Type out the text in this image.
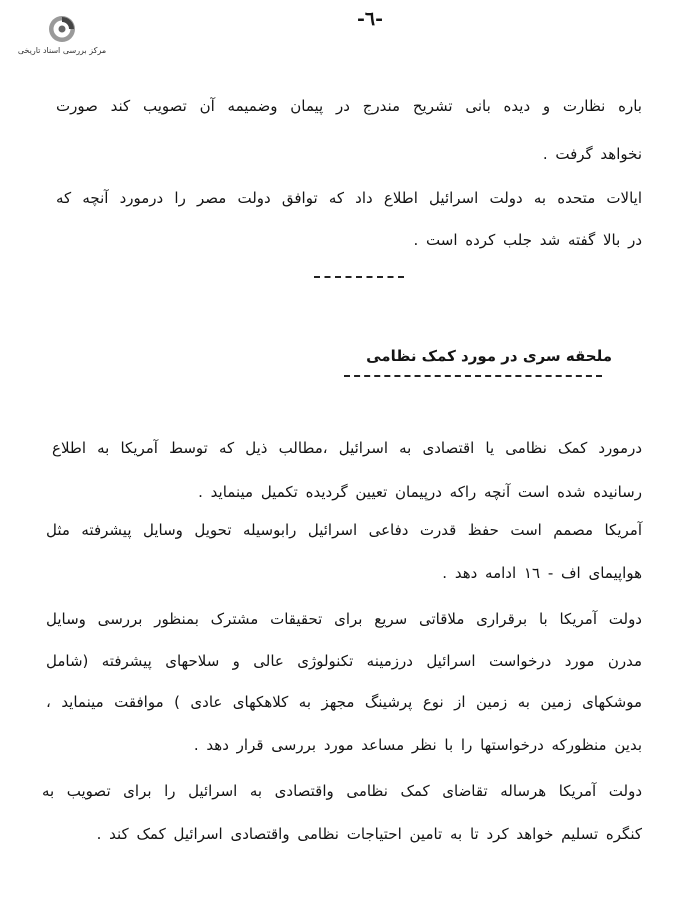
مرکز بررسی اسناد تاریخی
-٦-
باره نظارت و دیده بانی تشریح مندرج در پیمان وضمیمه آن تصویب کند صورت
نخواهد گرفت .
ایالات متحده به دولت اسرائیل اطلاع داد که توافق دولت مصر را درمورد آنچه که
در بالا گفته شد جلب کرده است .
ملحقه سری در مورد کمک نظامی
درمورد کمک نظامی یا اقتصادی به اسرائیل ،مطالب ذیل که توسط آمریکا به اطلاع
رسانیده شده است آنچه راکه درپیمان تعیین گردیده تکمیل مینماید .
آمریکا مصمم است حفظ قدرت دفاعی اسرائیل رابوسیله تحویل وسایل پیشرفته مثل
هواپیمای اف - ١٦ ادامه دهد .
دولت آمریکا با برقراری ملاقاتی سریع برای تحقیقات مشترک بمنظور بررسی وسایل
مدرن مورد درخواست اسرائیل درزمینه تکنولوژی عالی و سلاحهای پیشرفته (شامل
موشکهای زمین به زمین از نوع پرشینگ مجهز به کلاهکهای عادی ) موافقت مینماید ،
بدین منظورکه درخواستها را با نظر مساعد مورد بررسی قرار دهد .
دولت آمریکا هرساله تقاضای کمک نظامی واقتصادی به اسرائیل را برای تصویب به
کنگره تسلیم خواهد کرد تا به تامین احتیاجات نظامی واقتصادی اسرائیل کمک کند .
